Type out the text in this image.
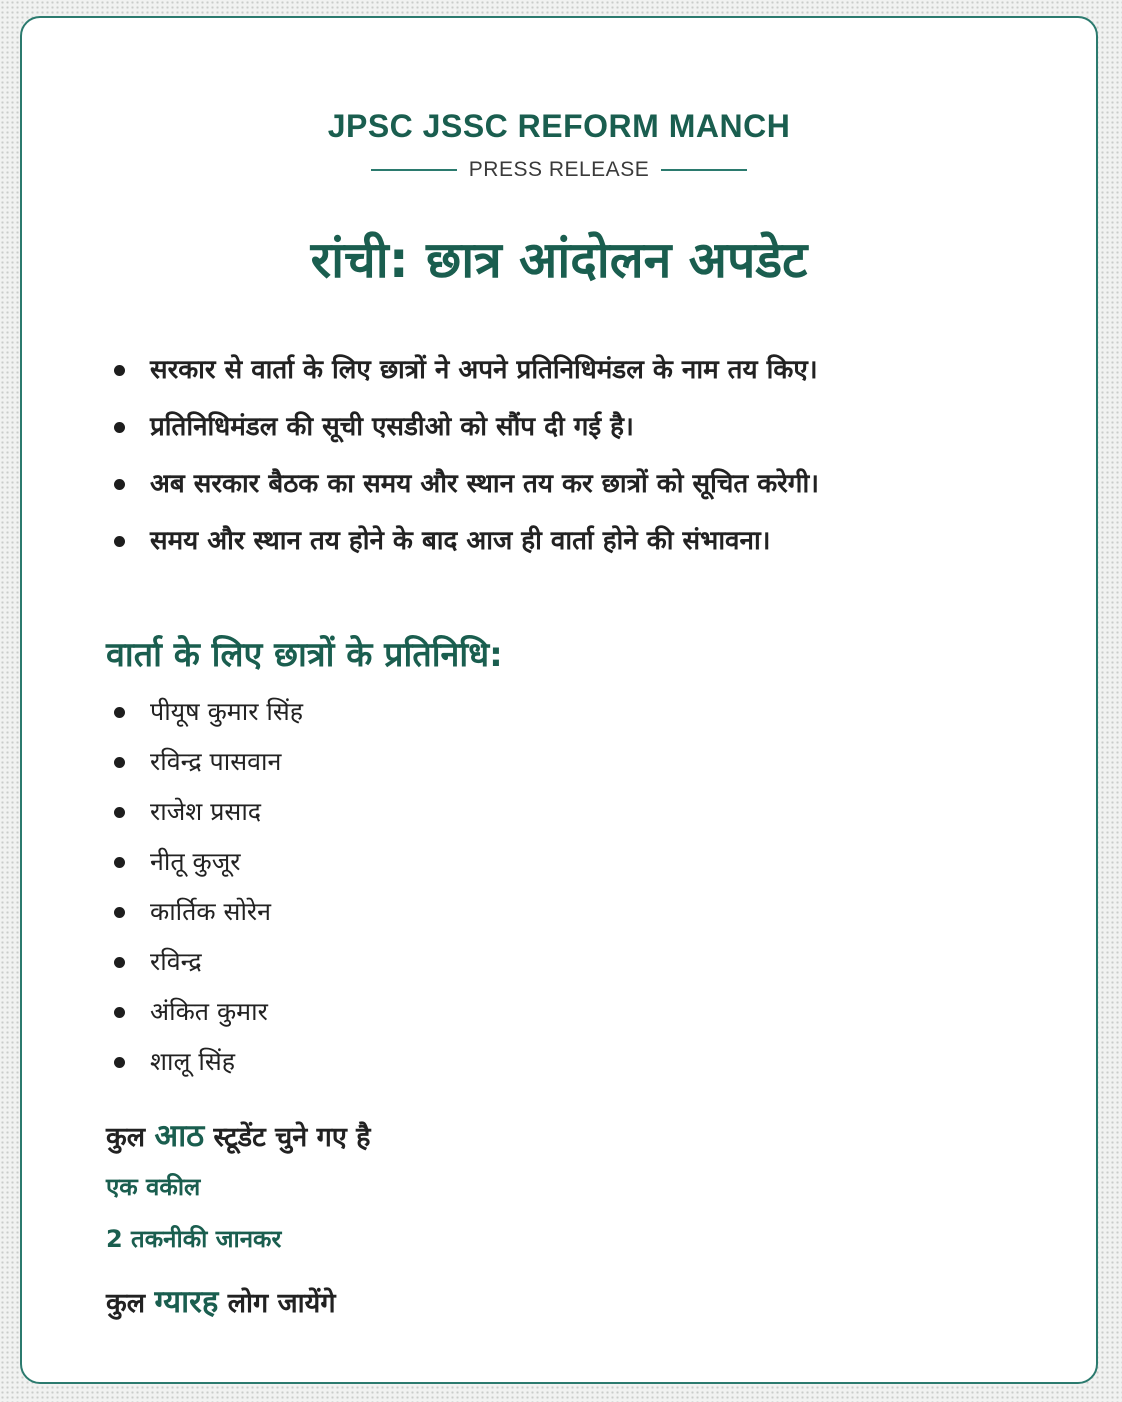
JPSC JSSC REFORM MANCH
PRESS RELEASE
रांची: छात्र आंदोलन अपडेट
सरकार से वार्ता के लिए छात्रों ने अपने प्रतिनिधिमंडल के नाम तय किए।
प्रतिनिधिमंडल की सूची एसडीओ को सौंप दी गई है।
अब सरकार बैठक का समय और स्थान तय कर छात्रों को सूचित करेगी।
समय और स्थान तय होने के बाद आज ही वार्ता होने की संभावना।
वार्ता के लिए छात्रों के प्रतिनिधि:
पीयूष कुमार सिंह
रविन्द्र पासवान
राजेश प्रसाद
नीतू कुजूर
कार्तिक सोरेन
रविन्द्र
अंकित कुमार
शालू सिंह
कुल आठ स्टूडेंट चुने गए है
एक वकील
2 तकनीकी जानकर
कुल ग्यारह लोग जायेंगे
